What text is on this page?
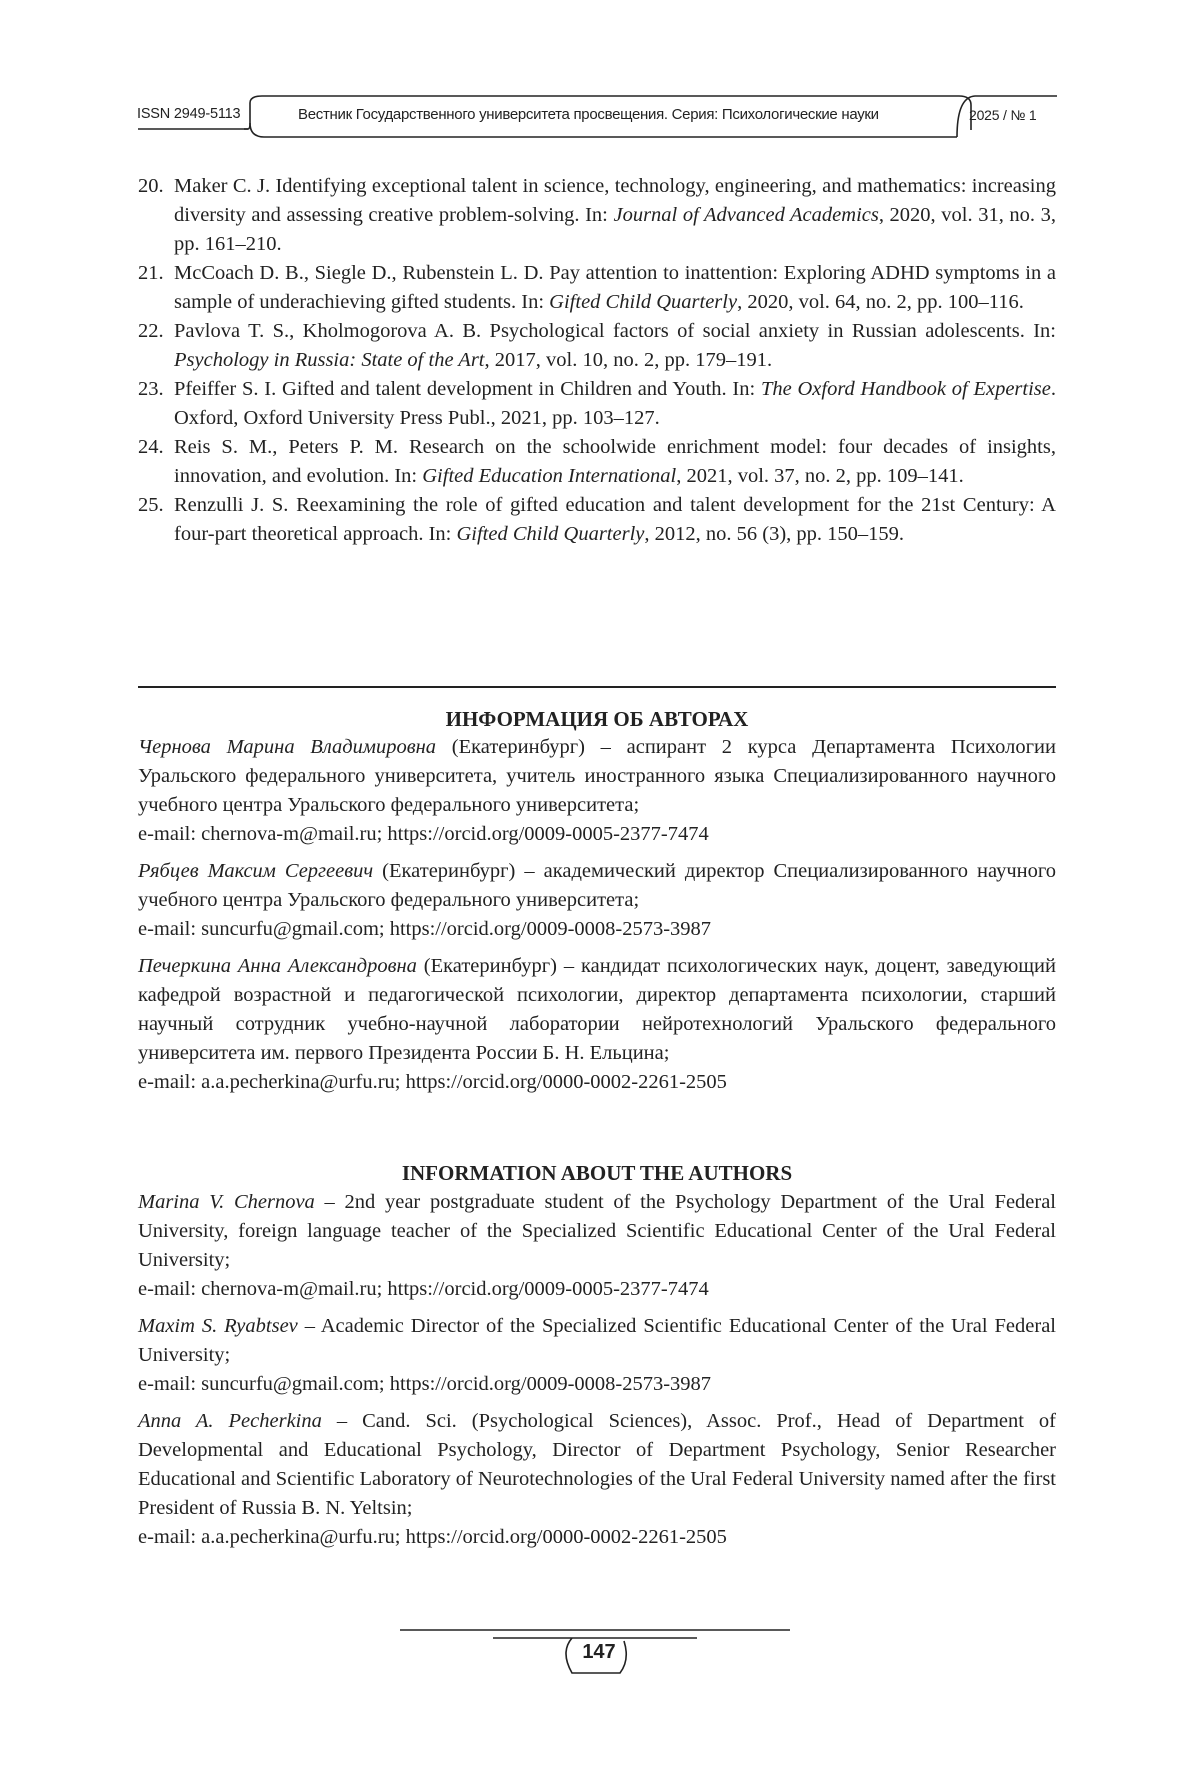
ISSN 2949-5113	Вестник Государственного университета просвещения. Серия: Психологические науки	2025 / № 1
20. Maker C. J. Identifying exceptional talent in science, technology, engineering, and mathematics: increasing diversity and assessing creative problem-solving. In: Journal of Advanced Academics, 2020, vol. 31, no. 3, pp. 161–210.
21. McCoach D. B., Siegle D., Rubenstein L. D. Pay attention to inattention: Exploring ADHD symptoms in a sample of underachieving gifted students. In: Gifted Child Quarterly, 2020, vol. 64, no. 2, pp. 100–116.
22. Pavlova T. S., Kholmogorova A. B. Psychological factors of social anxiety in Russian adolescents. In: Psychology in Russia: State of the Art, 2017, vol. 10, no. 2, pp. 179–191.
23. Pfeiffer S. I. Gifted and talent development in Children and Youth. In: The Oxford Handbook of Expertise. Oxford, Oxford University Press Publ., 2021, pp. 103–127.
24. Reis S. M., Peters P. M. Research on the schoolwide enrichment model: four decades of insights, innovation, and evolution. In: Gifted Education International, 2021, vol. 37, no. 2, pp. 109–141.
25. Renzulli J. S. Reexamining the role of gifted education and talent development for the 21st Century: A four-part theoretical approach. In: Gifted Child Quarterly, 2012, no. 56 (3), pp. 150–159.
ИНФОРМАЦИЯ ОБ АВТОРАХ

Чернова Марина Владимировна (Екатеринбург) – аспирант 2 курса Департамента Психологии Уральского федерального университета, учитель иностранного языка Специализированного научного учебного центра Уральского федерального университета;
e-mail: chernova-m@mail.ru; https://orcid.org/0009-0005-2377-7474

Рябцев Максим Сергеевич (Екатеринбург) – академический директор Специализированного научного учебного центра Уральского федерального университета;
e-mail: suncurfu@gmail.com; https://orcid.org/0009-0008-2573-3987

Печеркина Анна Александровна (Екатеринбург) – кандидат психологических наук, доцент, заведующий кафедрой возрастной и педагогической психологии, директор департамента психологии, старший научный сотрудник учебно-научной лаборатории нейротехнологий Уральского федерального университета им. первого Президента России Б. Н. Ельцина;
e-mail: a.a.pecherkina@urfu.ru; https://orcid.org/0000-0002-2261-2505

INFORMATION ABOUT THE AUTHORS

Marina V. Chernova – 2nd year postgraduate student of the Psychology Department of the Ural Federal University, foreign language teacher of the Specialized Scientific Educational Center of the Ural Federal University;
e-mail: chernova-m@mail.ru; https://orcid.org/0009-0005-2377-7474

Maxim S. Ryabtsev – Academic Director of the Specialized Scientific Educational Center of the Ural Federal University;
e-mail: suncurfu@gmail.com; https://orcid.org/0009-0008-2573-3987

Anna A. Pecherkina – Cand. Sci. (Psychological Sciences), Assoc. Prof., Head of Department of Developmental and Educational Psychology, Director of Department Psychology, Senior Researcher Educational and Scientific Laboratory of Neurotechnologies of the Ural Federal University named after the first President of Russia B. N. Yeltsin;
e-mail: a.a.pecherkina@urfu.ru; https://orcid.org/0000-0002-2261-2505

147
